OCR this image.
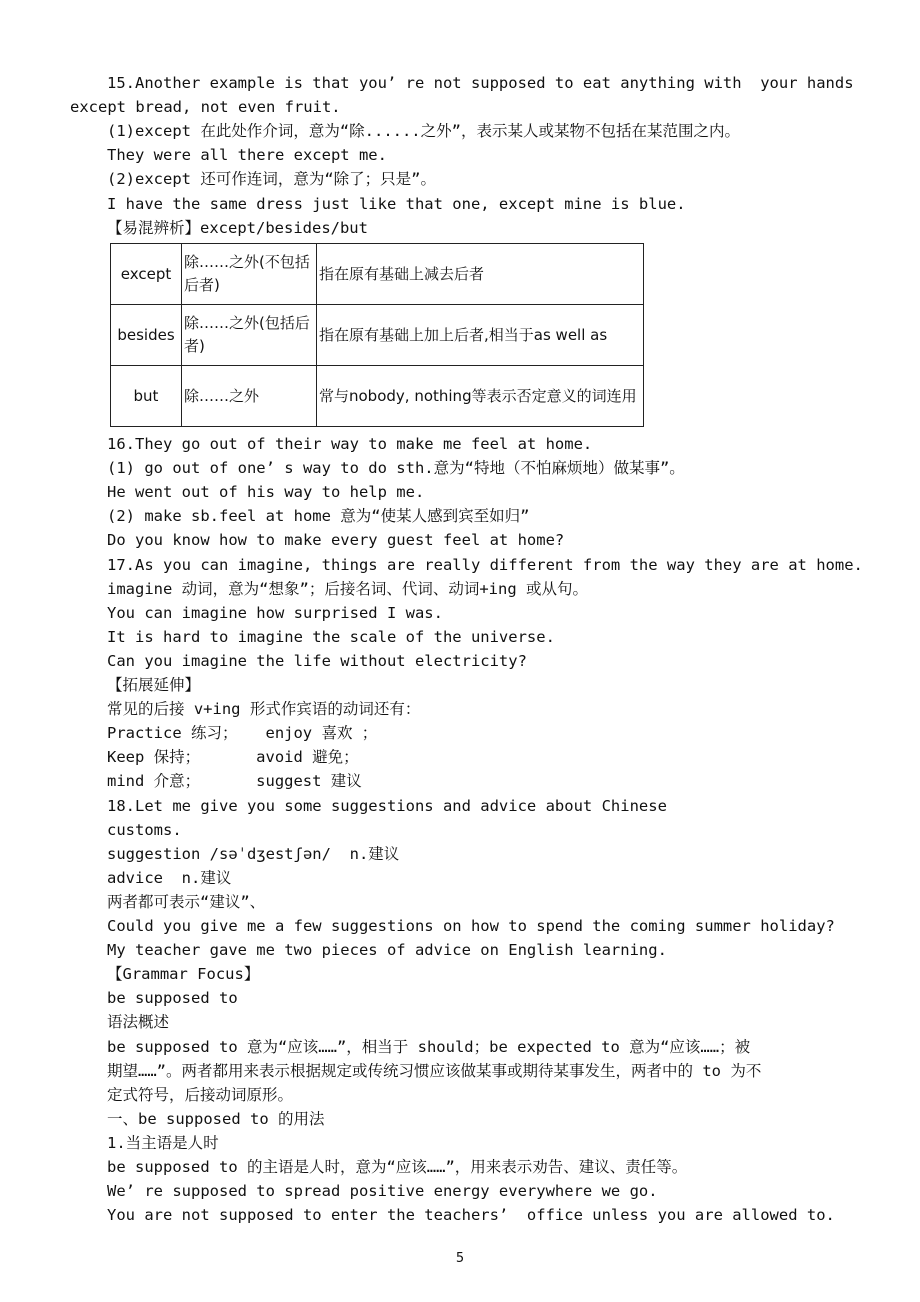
15.Another example is that you’ re not supposed to eat anything with  your hands
except bread, not even fruit.
(1)except 在此处作介词，意为“除......之外”，表示某人或某物不包括在某范围之内。
They were all there except me.
(2)except 还可作连词，意为“除了；只是”。
I have the same dress just like that one, except mine is blue.
【易混辨析】except/besides/but
except	除……之外(不包括后者)	指在原有基础上减去后者
besides	除……之外(包括后者)	指在原有基础上加上后者,相当于as well as
but	除……之外	常与nobody, nothing等表示否定意义的词连用
16.They go out of their way to make me feel at home.
(1) go out of one’ s way to do sth.意为“特地（不怕麻烦地）做某事”。
He went out of his way to help me.
(2) make sb.feel at home 意为“使某人感到宾至如归”
Do you know how to make every guest feel at home?
17.As you can imagine, things are really different from the way they are at home.
imagine 动词，意为“想象”；后接名词、代词、动词+ing 或从句。
You can imagine how surprised I was.
It is hard to imagine the scale of the universe.
Can you imagine the life without electricity?
【拓展延伸】
常见的后接 v+ing 形式作宾语的动词还有：
Practice 练习；   enjoy 喜欢 ；
Keep 保持；      avoid 避免；
mind 介意；      suggest 建议
18.Let me give you some suggestions and advice about Chinese
customs.
suggestion /səˈdʒestʃən/  n.建议
advice  n.建议
两者都可表示“建议”、
Could you give me a few suggestions on how to spend the coming summer holiday?
My teacher gave me two pieces of advice on English learning.
【Grammar Focus】
be supposed to
语法概述
be supposed to 意为“应该……”，相当于 should；be expected to 意为“应该……；被
期望……”。两者都用来表示根据规定或传统习惯应该做某事或期待某事发生，两者中的 to 为不
定式符号，后接动词原形。
一、be supposed to 的用法
1.当主语是人时
be supposed to 的主语是人时，意为“应该……”，用来表示劝告、建议、责任等。
We’ re supposed to spread positive energy everywhere we go.
You are not supposed to enter the teachers’  office unless you are allowed to.
5
